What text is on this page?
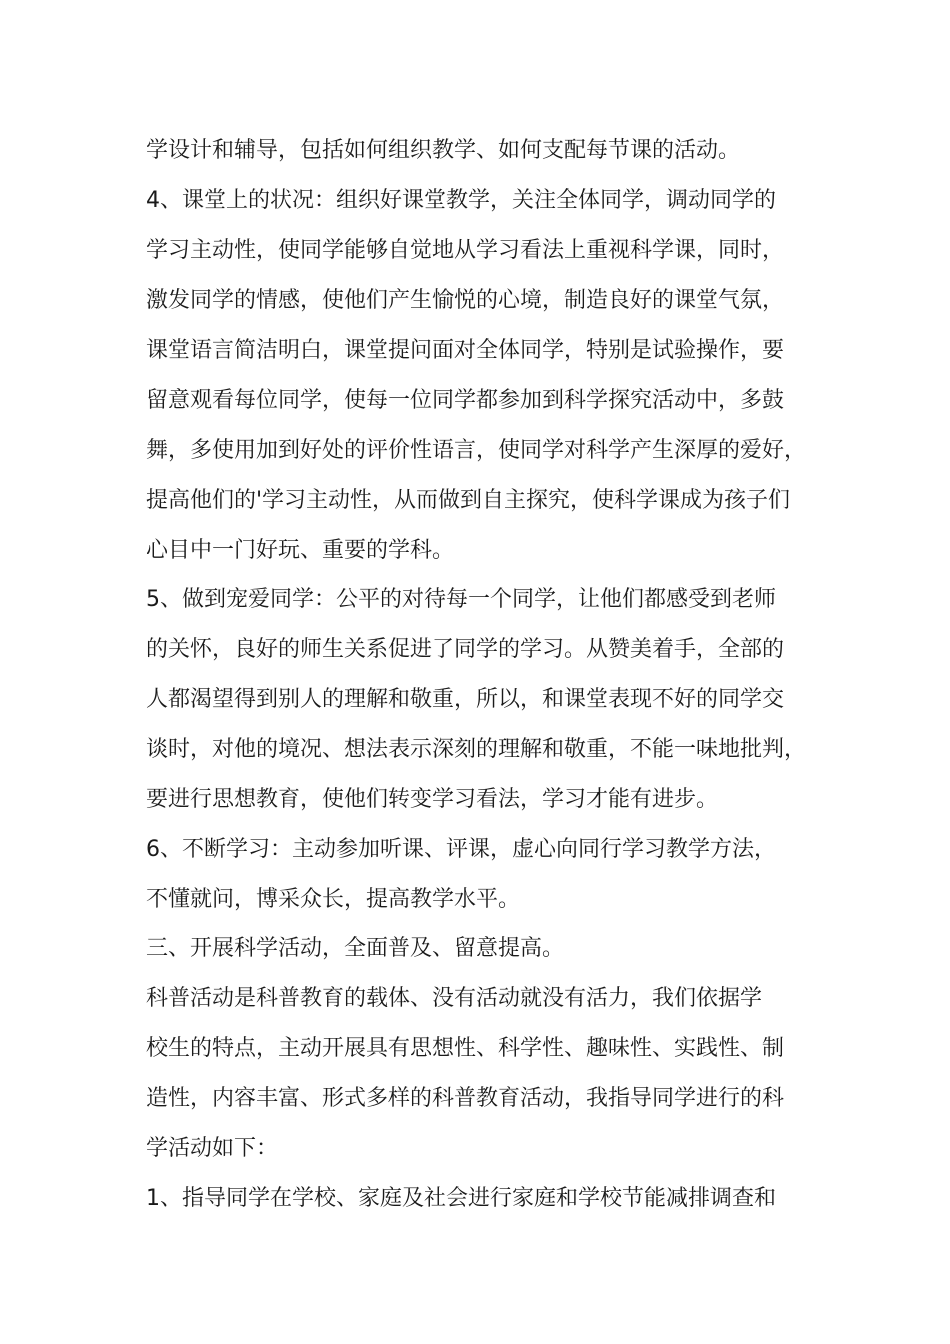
学设计和辅导，包括如何组织教学、如何支配每节课的活动。
4、课堂上的状况：组织好课堂教学，关注全体同学，调动同学的
学习主动性，使同学能够自觉地从学习看法上重视科学课，同时，
激发同学的情感，使他们产生愉悦的心境，制造良好的课堂气氛，
课堂语言简洁明白，课堂提问面对全体同学，特别是试验操作，要
留意观看每位同学，使每一位同学都参加到科学探究活动中，多鼓
舞，多使用加到好处的评价性语言，使同学对科学产生深厚的爱好，
提高他们的'学习主动性，从而做到自主探究，使科学课成为孩子们
心目中一门好玩、重要的学科。
5、做到宠爱同学：公平的对待每一个同学，让他们都感受到老师
的关怀，良好的师生关系促进了同学的学习。从赞美着手，全部的
人都渴望得到别人的理解和敬重，所以，和课堂表现不好的同学交
谈时，对他的境况、想法表示深刻的理解和敬重，不能一味地批判，
要进行思想教育，使他们转变学习看法，学习才能有进步。
6、不断学习：主动参加听课、评课，虚心向同行学习教学方法，
不懂就问，博采众长，提高教学水平。
三、开展科学活动，全面普及、留意提高。
科普活动是科普教育的载体、没有活动就没有活力，我们依据学
校生的特点，主动开展具有思想性、科学性、趣味性、实践性、制
造性，内容丰富、形式多样的科普教育活动，我指导同学进行的科
学活动如下：
1、指导同学在学校、家庭及社会进行家庭和学校节能减排调查和
